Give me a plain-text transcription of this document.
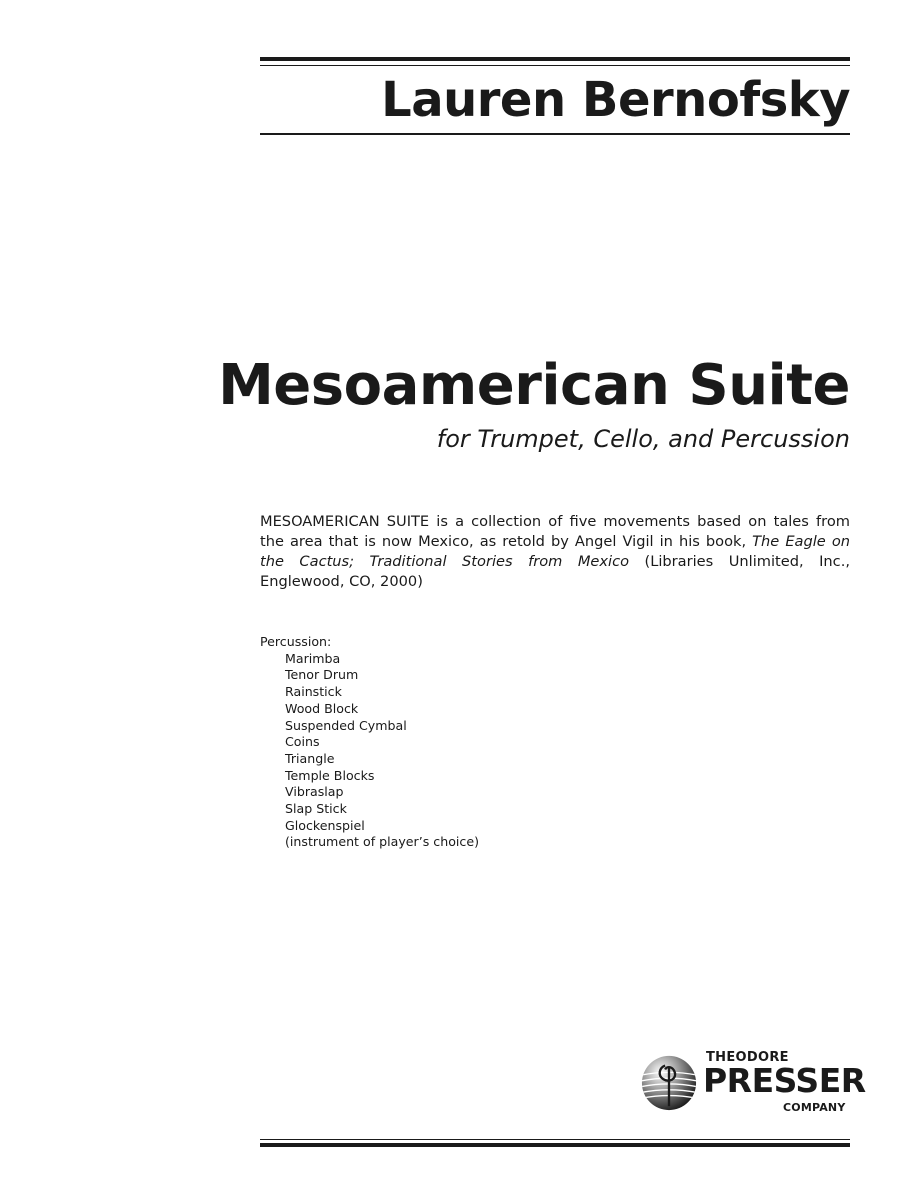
Lauren Bernofsky
Mesoamerican Suite
for Trumpet, Cello, and Percussion

MESOAMERICAN SUITE is a collection of five movements based on tales from the area that is now Mexico, as retold by Angel Vigil in his book, The Eagle on the Cactus; Traditional Stories from Mexico (Libraries Unlimited, Inc., Englewood, CO, 2000)

Percussion:
Marimba
Tenor Drum
Rainstick
Wood Block
Suspended Cymbal
Coins
Triangle
Temple Blocks
Vibraslap
Slap Stick
Glockenspiel
(instrument of player’s choice)
THEODORE
PRESSER
COMPANY
